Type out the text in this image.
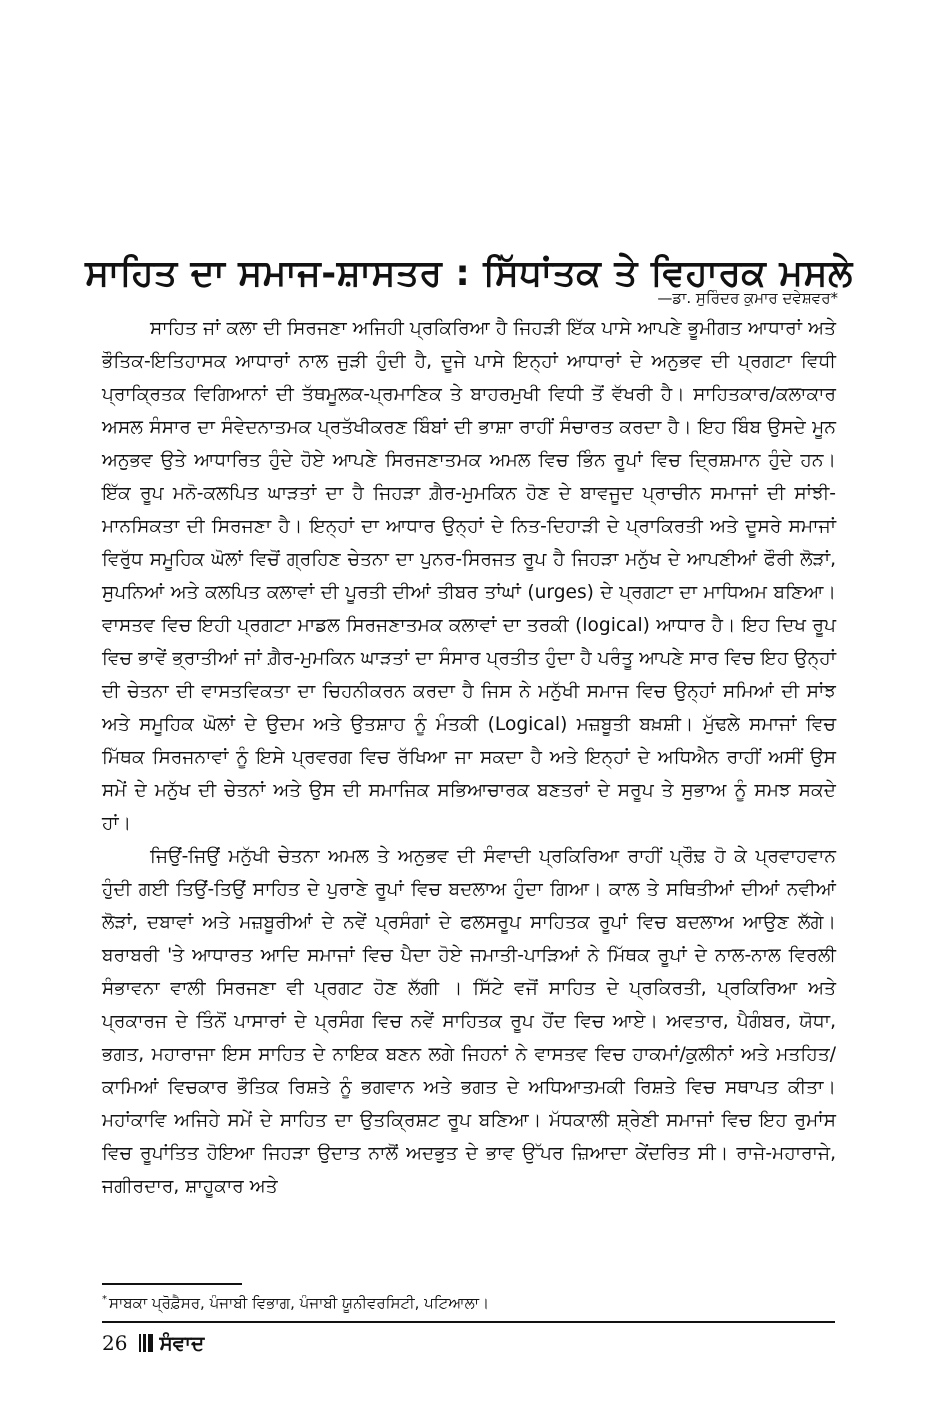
ਸਾਹਿਤ ਦਾ ਸਮਾਜ-ਸ਼ਾਸਤਰ : ਸਿੱਧਾਂਤਕ ਤੇ ਵਿਹਾਰਕ ਮਸਲੇ
—ਡਾ. ਸੁਰਿੰਦਰ ਕੁਮਾਰ ਦਵੇਸ਼ਵਰ*

ਸਾਹਿਤ ਜਾਂ ਕਲਾ ਦੀ ਸਿਰਜਣਾ ਅਜਿਹੀ ਪ੍ਰਕਿਰਿਆ ਹੈ ਜਿਹੜੀ ਇੱਕ ਪਾਸੇ ਆਪਣੇ ਭੂਮੀਗਤ ਆਧਾਰਾਂ ਅਤੇ ਭੌਤਿਕ-ਇਤਿਹਾਸਕ ਆਧਾਰਾਂ ਨਾਲ ਜੁੜੀ ਹੁੰਦੀ ਹੈ, ਦੂਜੇ ਪਾਸੇ ਇਨ੍ਹਾਂ ਆਧਾਰਾਂ ਦੇ ਅਨੁਭਵ ਦੀ ਪ੍ਰਗਟਾ ਵਿਧੀ ਪ੍ਰਾਕ੍ਰਿਤਕ ਵਿਗਿਆਨਾਂ ਦੀ ਤੱਥਮੂਲਕ-ਪ੍ਰਮਾਣਿਕ ਤੇ ਬਾਹਰਮੁਖੀ ਵਿਧੀ ਤੋਂ ਵੱਖਰੀ ਹੈ। ਸਾਹਿਤਕਾਰ/ਕਲਾਕਾਰ ਅਸਲ ਸੰਸਾਰ ਦਾ ਸੰਵੇਦਨਾਤਮਕ ਪ੍ਰਤੱਖੀਕਰਣ ਬਿੰਬਾਂ ਦੀ ਭਾਸ਼ਾ ਰਾਹੀਂ ਸੰਚਾਰਤ ਕਰਦਾ ਹੈ। ਇਹ ਬਿੰਬ ਉਸਦੇ ਮੂਨ ਅਨੁਭਵ ਉਤੇ ਆਧਾਰਿਤ ਹੁੰਦੇ ਹੋਏ ਆਪਣੇ ਸਿਰਜਣਾਤਮਕ ਅਮਲ ਵਿਚ ਭਿੰਨ ਰੂਪਾਂ ਵਿਚ ਦ੍ਰਿਸ਼ਮਾਨ ਹੁੰਦੇ ਹਨ। ਇੱਕ ਰੂਪ ਮਨੋ-ਕਲਪਿਤ ਘਾੜਤਾਂ ਦਾ ਹੈ ਜਿਹੜਾ ਗ਼ੈਰ-ਮੁਮਕਿਨ ਹੋਣ ਦੇ ਬਾਵਜੂਦ ਪ੍ਰਾਚੀਨ ਸਮਾਜਾਂ ਦੀ ਸਾਂਝੀ-ਮਾਨਸਿਕਤਾ ਦੀ ਸਿਰਜਣਾ ਹੈ। ਇਨ੍ਹਾਂ ਦਾ ਆਧਾਰ ਉਨ੍ਹਾਂ ਦੇ ਨਿਤ-ਦਿਹਾੜੀ ਦੇ ਪ੍ਰਾਕਿਰਤੀ ਅਤੇ ਦੂਸਰੇ ਸਮਾਜਾਂ ਵਿਰੁੱਧ ਸਮੂਹਿਕ ਘੋਲਾਂ ਵਿਚੋਂ ਗ੍ਰਹਿਣ ਚੇਤਨਾ ਦਾ ਪੁਨਰ-ਸਿਰਜਤ ਰੂਪ ਹੈ ਜਿਹੜਾ ਮਨੁੱਖ ਦੇ ਆਪਣੀਆਂ ਫੌਰੀ ਲੋੜਾਂ, ਸੁਪਨਿਆਂ ਅਤੇ ਕਲਪਿਤ ਕਲਾਵਾਂ ਦੀ ਪੂਰਤੀ ਦੀਆਂ ਤੀਬਰ ਤਾਂਘਾਂ (urges) ਦੇ ਪ੍ਰਗਟਾ ਦਾ ਮਾਧਿਅਮ ਬਣਿਆ। ਵਾਸਤਵ ਵਿਚ ਇਹੀ ਪ੍ਰਗਟਾ ਮਾਡਲ ਸਿਰਜਣਾਤਮਕ ਕਲਾਵਾਂ ਦਾ ਤਰਕੀ (logical) ਆਧਾਰ ਹੈ। ਇਹ ਦਿਖ ਰੂਪ ਵਿਚ ਭਾਵੇਂ ਭ੍ਰਾਤੀਆਂ ਜਾਂ ਗ਼ੈਰ-ਮੁਮਕਿਨ ਘਾੜਤਾਂ ਦਾ ਸੰਸਾਰ ਪ੍ਰਤੀਤ ਹੁੰਦਾ ਹੈ ਪਰੰਤੂ ਆਪਣੇ ਸਾਰ ਵਿਚ ਇਹ ਉਨ੍ਹਾਂ ਦੀ ਚੇਤਨਾ ਦੀ ਵਾਸਤਵਿਕਤਾ ਦਾ ਚਿਹਨੀਕਰਨ ਕਰਦਾ ਹੈ ਜਿਸ ਨੇ ਮਨੁੱਖੀ ਸਮਾਜ ਵਿਚ ਉਨ੍ਹਾਂ ਸਮਿਆਂ ਦੀ ਸਾਂਝ ਅਤੇ ਸਮੂਹਿਕ ਘੋਲਾਂ ਦੇ ਉਦਮ ਅਤੇ ਉਤਸ਼ਾਹ ਨੂੰ ਮੰਤਕੀ (Logical) ਮਜ਼ਬੂਤੀ ਬਖ਼ਸ਼ੀ। ਮੁੱਢਲੇ ਸਮਾਜਾਂ ਵਿਚ ਮਿੱਥਕ ਸਿਰਜਨਾਵਾਂ ਨੂੰ ਇਸੇ ਪ੍ਰਵਰਗ ਵਿਚ ਰੱਖਿਆ ਜਾ ਸਕਦਾ ਹੈ ਅਤੇ ਇਨ੍ਹਾਂ ਦੇ ਅਧਿਐਨ ਰਾਹੀਂ ਅਸੀਂ ਉਸ ਸਮੇਂ ਦੇ ਮਨੁੱਖ ਦੀ ਚੇਤਨਾਂ ਅਤੇ ਉਸ ਦੀ ਸਮਾਜਿਕ ਸਭਿਆਚਾਰਕ ਬਣਤਰਾਂ ਦੇ ਸਰੂਪ ਤੇ ਸੁਭਾਅ ਨੂੰ ਸਮਝ ਸਕਦੇ ਹਾਂ।

ਜਿਉਂ-ਜਿਉਂ ਮਨੁੱਖੀ ਚੇਤਨਾ ਅਮਲ ਤੇ ਅਨੁਭਵ ਦੀ ਸੰਵਾਦੀ ਪ੍ਰਕਿਰਿਆ ਰਾਹੀਂ ਪ੍ਰੌਢ਼ ਹੋ ਕੇ ਪ੍ਰਵਾਹਵਾਨ ਹੁੰਦੀ ਗਈ ਤਿਉਂ-ਤਿਉਂ ਸਾਹਿਤ ਦੇ ਪੁਰਾਣੇ ਰੂਪਾਂ ਵਿਚ ਬਦਲਾਅ ਹੁੰਦਾ ਗਿਆ। ਕਾਲ ਤੇ ਸਥਿਤੀਆਂ ਦੀਆਂ ਨਵੀਆਂ ਲੋੜਾਂ, ਦਬਾਵਾਂ ਅਤੇ ਮਜ਼ਬੂਰੀਆਂ ਦੇ ਨਵੇਂ ਪ੍ਰਸੰਗਾਂ ਦੇ ਫਲਸਰੂਪ ਸਾਹਿਤਕ ਰੂਪਾਂ ਵਿਚ ਬਦਲਾਅ ਆਉਣ ਲੱਗੇ। ਬਰਾਬਰੀ 'ਤੇ ਆਧਾਰਤ ਆਦਿ ਸਮਾਜਾਂ ਵਿਚ ਪੈਦਾ ਹੋਏ ਜਮਾਤੀ-ਪਾੜਿਆਂ ਨੇ ਮਿੱਥਕ ਰੂਪਾਂ ਦੇ ਨਾਲ-ਨਾਲ ਵਿਰਲੀ ਸੰਭਾਵਨਾ ਵਾਲੀ ਸਿਰਜਣਾ ਵੀ ਪ੍ਰਗਟ ਹੋਣ ਲੱਗੀ । ਸਿੱਟੇ ਵਜੋਂ ਸਾਹਿਤ ਦੇ ਪ੍ਰਕਿਰਤੀ, ਪ੍ਰਕਿਰਿਆ ਅਤੇ ਪ੍ਰਕਾਰਜ ਦੇ ਤਿੰਨੋਂ ਪਾਸਾਰਾਂ ਦੇ ਪ੍ਰਸੰਗ ਵਿਚ ਨਵੇਂ ਸਾਹਿਤਕ ਰੂਪ ਹੋਂਦ ਵਿਚ ਆਏ। ਅਵਤਾਰ, ਪੈਗੰਬਰ, ਯੋਧਾ, ਭਗਤ, ਮਹਾਰਾਜਾ ਇਸ ਸਾਹਿਤ ਦੇ ਨਾਇਕ ਬਣਨ ਲਗੇ ਜਿਹਨਾਂ ਨੇ ਵਾਸਤਵ ਵਿਚ ਹਾਕਮਾਂ/ਕੁਲੀਨਾਂ ਅਤੇ ਮਤਹਿਤ/ਕਾਮਿਆਂ ਵਿਚਕਾਰ ਭੌਤਿਕ ਰਿਸ਼ਤੇ ਨੂੰ ਭਗਵਾਨ ਅਤੇ ਭਗਤ ਦੇ ਅਧਿਆਤਮਕੀ ਰਿਸ਼ਤੇ ਵਿਚ ਸਥਾਪਤ ਕੀਤਾ। ਮਹਾਂਕਾਵਿ ਅਜਿਹੇ ਸਮੇਂ ਦੇ ਸਾਹਿਤ ਦਾ ਉਤਕ੍ਰਿਸ਼ਟ ਰੂਪ ਬਣਿਆ। ਮੱਧਕਾਲੀ ਸ਼੍ਰੇਣੀ ਸਮਾਜਾਂ ਵਿਚ ਇਹ ਰੁਮਾਂਸ ਵਿਚ ਰੂਪਾਂਤਿਤ ਹੋਇਆ ਜਿਹੜਾ ਉਦਾਤ ਨਾਲੋਂ ਅਦਭੁਤ ਦੇ ਭਾਵ ਉੱਪਰ ਜ਼ਿਆਦਾ ਕੇਂਦਰਿਤ ਸੀ। ਰਾਜੇ-ਮਹਾਰਾਜੇ, ਜਗੀਰਦਾਰ, ਸ਼ਾਹੂਕਾਰ ਅਤੇ

* ਸਾਬਕਾ ਪ੍ਰੋਫ਼ੈਸਰ, ਪੰਜਾਬੀ ਵਿਭਾਗ, ਪੰਜਾਬੀ ਯੂਨੀਵਰਸਿਟੀ, ਪਟਿਆਲਾ।
26 ਸੰਵਾਦ
